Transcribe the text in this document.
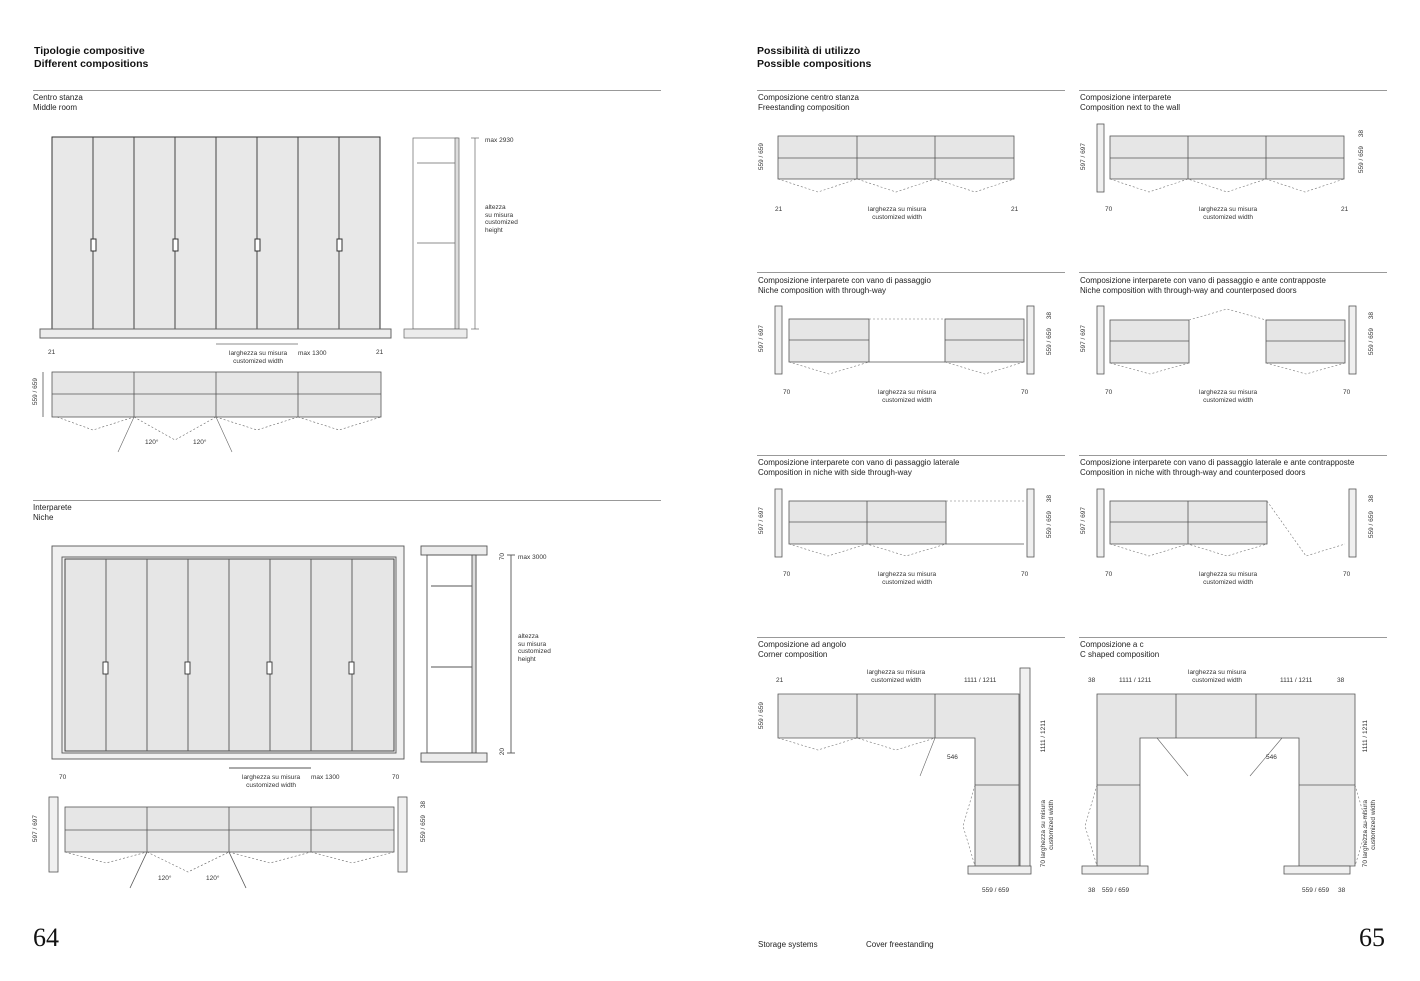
Tipologie compositive
Different compositions
Centro stanza
Middle room
max 2930
altezza
su misura
customized
height
21	21
larghezza su misura
customized width
max 1300
559 / 659
120°	120°
Interparete
Niche
max 3000
70
20
altezza
su misura
customized
height
70	70
larghezza su misura
customized width
max 1300
597 / 697	559 / 659
38
120°	120°
64
Possibilità di utilizzo
Possible compositions
Composizione centro stanza
Freestanding composition
Composizione interparete
Composition next to the wall
Composizione interparete con vano di passaggio
Niche composition with through-way
Composizione interparete con vano di passaggio e ante contrapposte
Niche composition with through-way and counterposed doors
Composizione interparete con vano di passaggio laterale
Composition in niche with side through-way
Composizione interparete con vano di passaggio laterale e ante contrapposte
Composition in niche with through-way and counterposed doors
Composizione ad angolo
Corner composition
Composizione a c
C shaped composition
559 / 659
21	21
larghezza su misura
customized width
597 / 697	559 / 659
38
70	21
larghezza su misura
customized width
597 / 697	559 / 659
38
70	70
larghezza su misura
customized width
597 / 697	559 / 659
38
70	70
larghezza su misura
customized width
597 / 697	559 / 659
38
70	70
larghezza su misura
customized width
597 / 697	559 / 659
38
70	70
larghezza su misura
customized width
21
larghezza su misura
customized width	1111 / 1211
559 / 659
546
1111 / 1211
larghezza su misura customized width
70
559 / 659
38	1111 / 1211
larghezza su misura
customized width	1111 / 1211	38
546
1111 / 1211
larghezza su misura customized width
70
38 559 / 659	559 / 659 38
Storage systems	Cover freestanding	65
